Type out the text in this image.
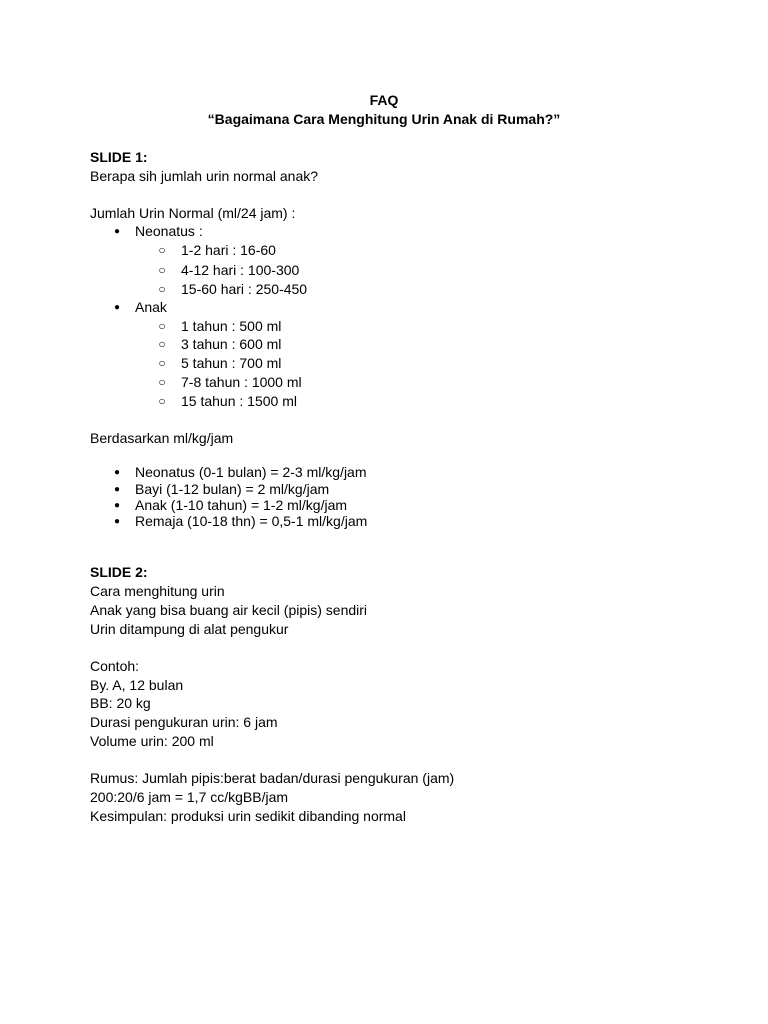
FAQ
“Bagaimana Cara Menghitung Urin Anak di Rumah?”
SLIDE 1:
Berapa sih jumlah urin normal anak?
Jumlah Urin Normal (ml/24 jam) :
●	Neonatus :
○	1-2 hari : 16-60
○	4-12 hari : 100-300
○	15-60 hari : 250-450
●	Anak
○	1 tahun : 500 ml
○	3 tahun : 600 ml
○	5 tahun : 700 ml
○	7-8 tahun : 1000 ml
○	15 tahun : 1500 ml
Berdasarkan ml/kg/jam
●	Neonatus (0-1 bulan) = 2-3 ml/kg/jam
●	Bayi (1-12 bulan) = 2 ml/kg/jam
●	Anak (1-10 tahun) = 1-2 ml/kg/jam
●	Remaja (10-18 thn) = 0,5-1 ml/kg/jam
SLIDE 2:
Cara menghitung urin
Anak yang bisa buang air kecil (pipis) sendiri
Urin ditampung di alat pengukur
Contoh:
By. A, 12 bulan
BB: 20 kg
Durasi pengukuran urin: 6 jam
Volume urin: 200 ml
Rumus: Jumlah pipis:berat badan/durasi pengukuran (jam)
200:20/6 jam = 1,7 cc/kgBB/jam
Kesimpulan: produksi urin sedikit dibanding normal
